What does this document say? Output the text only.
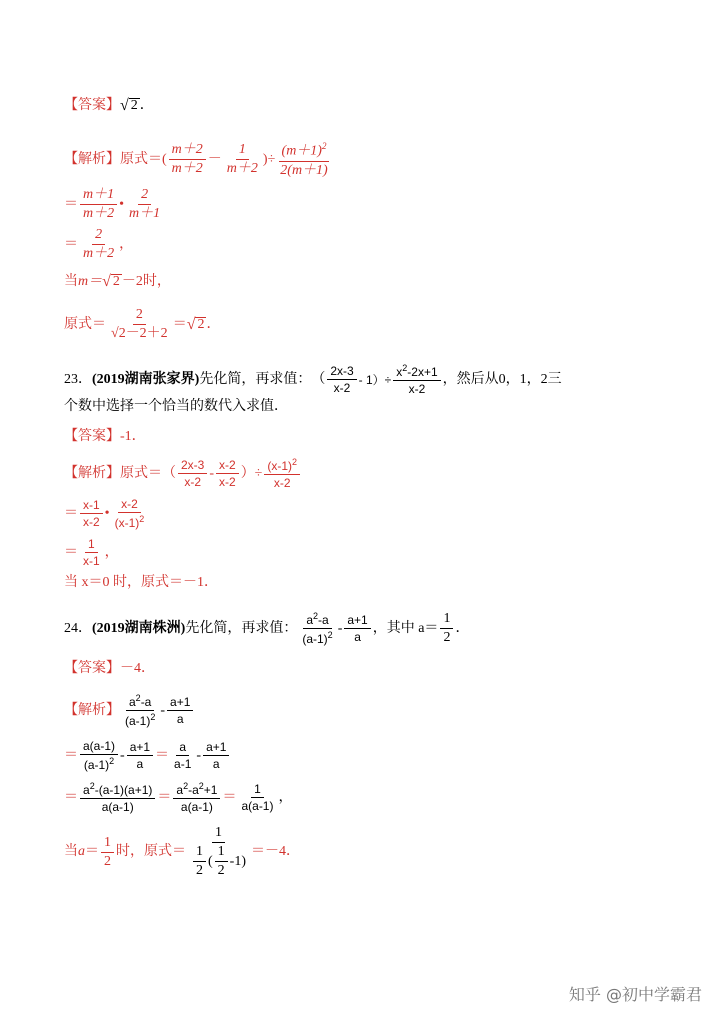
【答案】 √ 2 ．
【解析】 原式＝ ( $\frac{m+2}{m+2} - \frac{1}{m+2}$ )÷ $\frac{(m+1)^2}{2(m+1)}$
＝ $\frac{m+1}{m+2}$ • $\frac{2}{m+1}$
＝ $\frac{2}{m+2}$ ，
当 m＝ √ 2 －2 时，
原式＝ $\frac{2}{√2-2+2}$ ＝ √ 2 ．
23． (2019湖南张家界) 先化简，再求值： （ $\frac{2x-3}{x-2} - 1)\div \frac{x^2-2x+1}{x-2}$ ，然后从0，1，2三
个数中选择一个恰当的数代入求值．
【答案】 -1．
【解析】 原式＝ （ $\frac{2x-3}{x-2} - \frac{x-2}{x-2}$ ）÷ $\frac{(x-1)^2}{x-2}$
＝ $\frac{x-1}{x-2}$ • $\frac{x-2}{(x-1)^2}$
＝ $\frac{1}{x-1}$ ，
当 x＝0 时，原式＝－1．
24． (2019湖南株洲) 先化简，再求值： $\frac{a^2-a}{(a-1)^2} - \frac{a+1}{a}$ ，其中 $a= \frac{1}{2}$ ．
【答案】 －4．
【解析】 $\frac{a^2-a}{(a-1)^2} - \frac{a+1}{a}$
＝ $\frac{a(a-1)}{(a-1)^2} - \frac{a+1}{a} = \frac{a}{a-1} - \frac{a+1}{a}$
＝ $\frac{a^2-(a-1)(a+1)}{a(a-1)} = \frac{a^2-a^2+1}{a(a-1)} = \frac{1}{a(a-1)}$ ，
当 $a = \frac{1}{2}$ 时， 原式＝ $\frac{1}{\frac{1}{2} ( \frac{1}{2} -1 )} =-4$．
知乎 @初中学霸君
